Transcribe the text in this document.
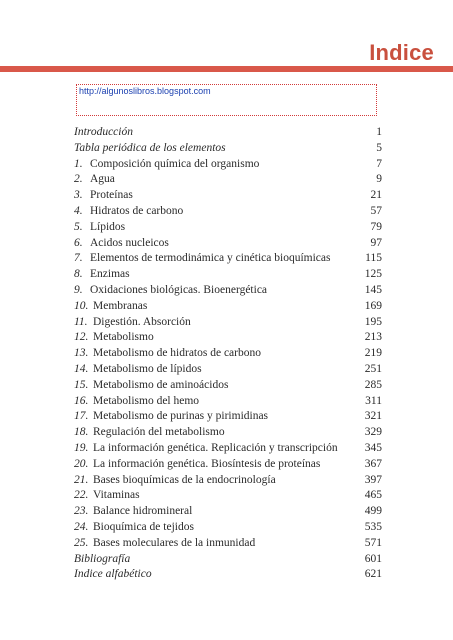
Indice
http://algunoslibros.blogspot.com
Introducción	1
Tabla periódica de los elementos	5
1. Composición química del organismo	7
2. Agua	9
3. Proteínas	21
4. Hidratos de carbono	57
5. Lípidos	79
6. Acidos nucleicos	97
7. Elementos de termodinámica y cinética bioquímicas	115
8. Enzimas	125
9. Oxidaciones biológicas. Bioenergética	145
10. Membranas	169
11. Digestión. Absorción	195
12. Metabolismo	213
13. Metabolismo de hidratos de carbono	219
14. Metabolismo de lípidos	251
15. Metabolismo de aminoácidos	285
16. Metabolismo del hemo	311
17. Metabolismo de purinas y pirimidinas	321
18. Regulación del metabolismo	329
19. La información genética. Replicación y transcripción 345
20. La información genética. Biosíntesis de proteínas	367
21. Bases bioquímicas de la endocrinología	397
22. Vitaminas	465
23. Balance hidromineral	499
24. Bioquímica de tejidos	535
25. Bases moleculares de la inmunidad	571
Bibliografía	601
Indice alfabético	621
